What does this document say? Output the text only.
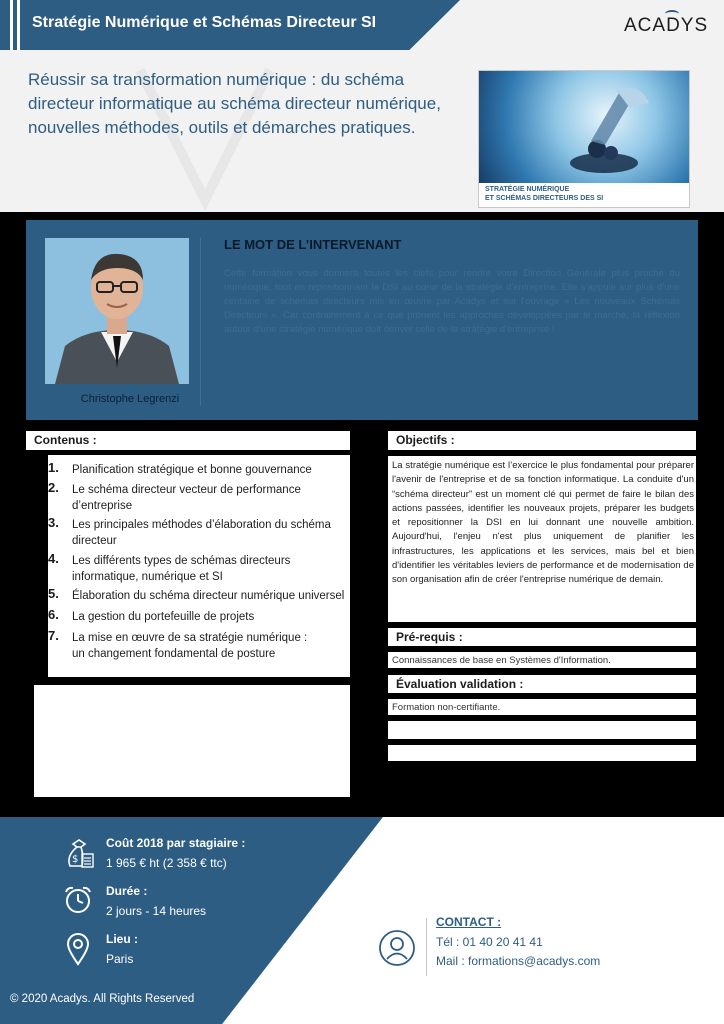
Stratégie Numérique et Schémas Directeur SI	ACADYS
Réussir sa transformation numérique : du schéma directeur informatique au schéma directeur numérique, nouvelles méthodes, outils et démarches pratiques.
STRATÉGIE NUMÉRIQUE
ET SCHÉMAS DIRECTEURS DES SI
Christophe Legrenzi
LE MOT DE L’INTERVENANT
Cette formation vous donnera toutes les clefs pour rendre votre Direction Générale plus proche du numérique, tout en repositionnant la DSI au cœur de la stratégie d'entreprise. Elle s'appuie sur plus d'une centaine de schémas directeurs mis en œuvre par Acadys et sur l'ouvrage « Les nouveaux Schémas Directeurs ». Car contrairement à ce que prônent les approches développées par le marché, la réflexion autour d'une stratégie numérique doit dériver celle de la stratégie d'entreprise !
Contenus :
1.	Planification stratégique et bonne gouvernance
2.	Le schéma directeur vecteur de performance
d’entreprise
3.	Les principales méthodes d’élaboration du schéma
directeur
4.	Les différents types de schémas directeurs
informatique, numérique et SI
5.	Élaboration du schéma directeur numérique universel
6.	La gestion du portefeuille de projets
7.	La mise en œuvre de sa stratégie numérique :
un changement fondamental de posture
Objectifs :
La stratégie numérique est l’exercice le plus fondamental pour préparer l'avenir de l'entreprise et de sa fonction informatique. La conduite d'un “schéma directeur” est un moment clé qui permet de faire le bilan des actions passées, identifier les nouveaux projets, préparer les budgets et repositionner la DSI en lui donnant une nouvelle ambition. Aujourd'hui, l'enjeu n'est plus uniquement de planifier les infrastructures, les applications et les services, mais bel et bien d'identifier les véritables leviers de performance et de modernisation de son organisation afin de créer l'entreprise numérique de demain.
Pré-requis :
Connaissances de base en Systèmes d'Information.
Évaluation validation :
Formation non-certifiante.
$
Coût 2018 par stagiaire :
1 965 € ht (2 358 € ttc)
Durée :
2 jours - 14 heures
Lieu :
Paris
© 2020 Acadys. All Rights Reserved
CONTACT :
Tél : 01 40 20 41 41
Mail : formations@acadys.com
